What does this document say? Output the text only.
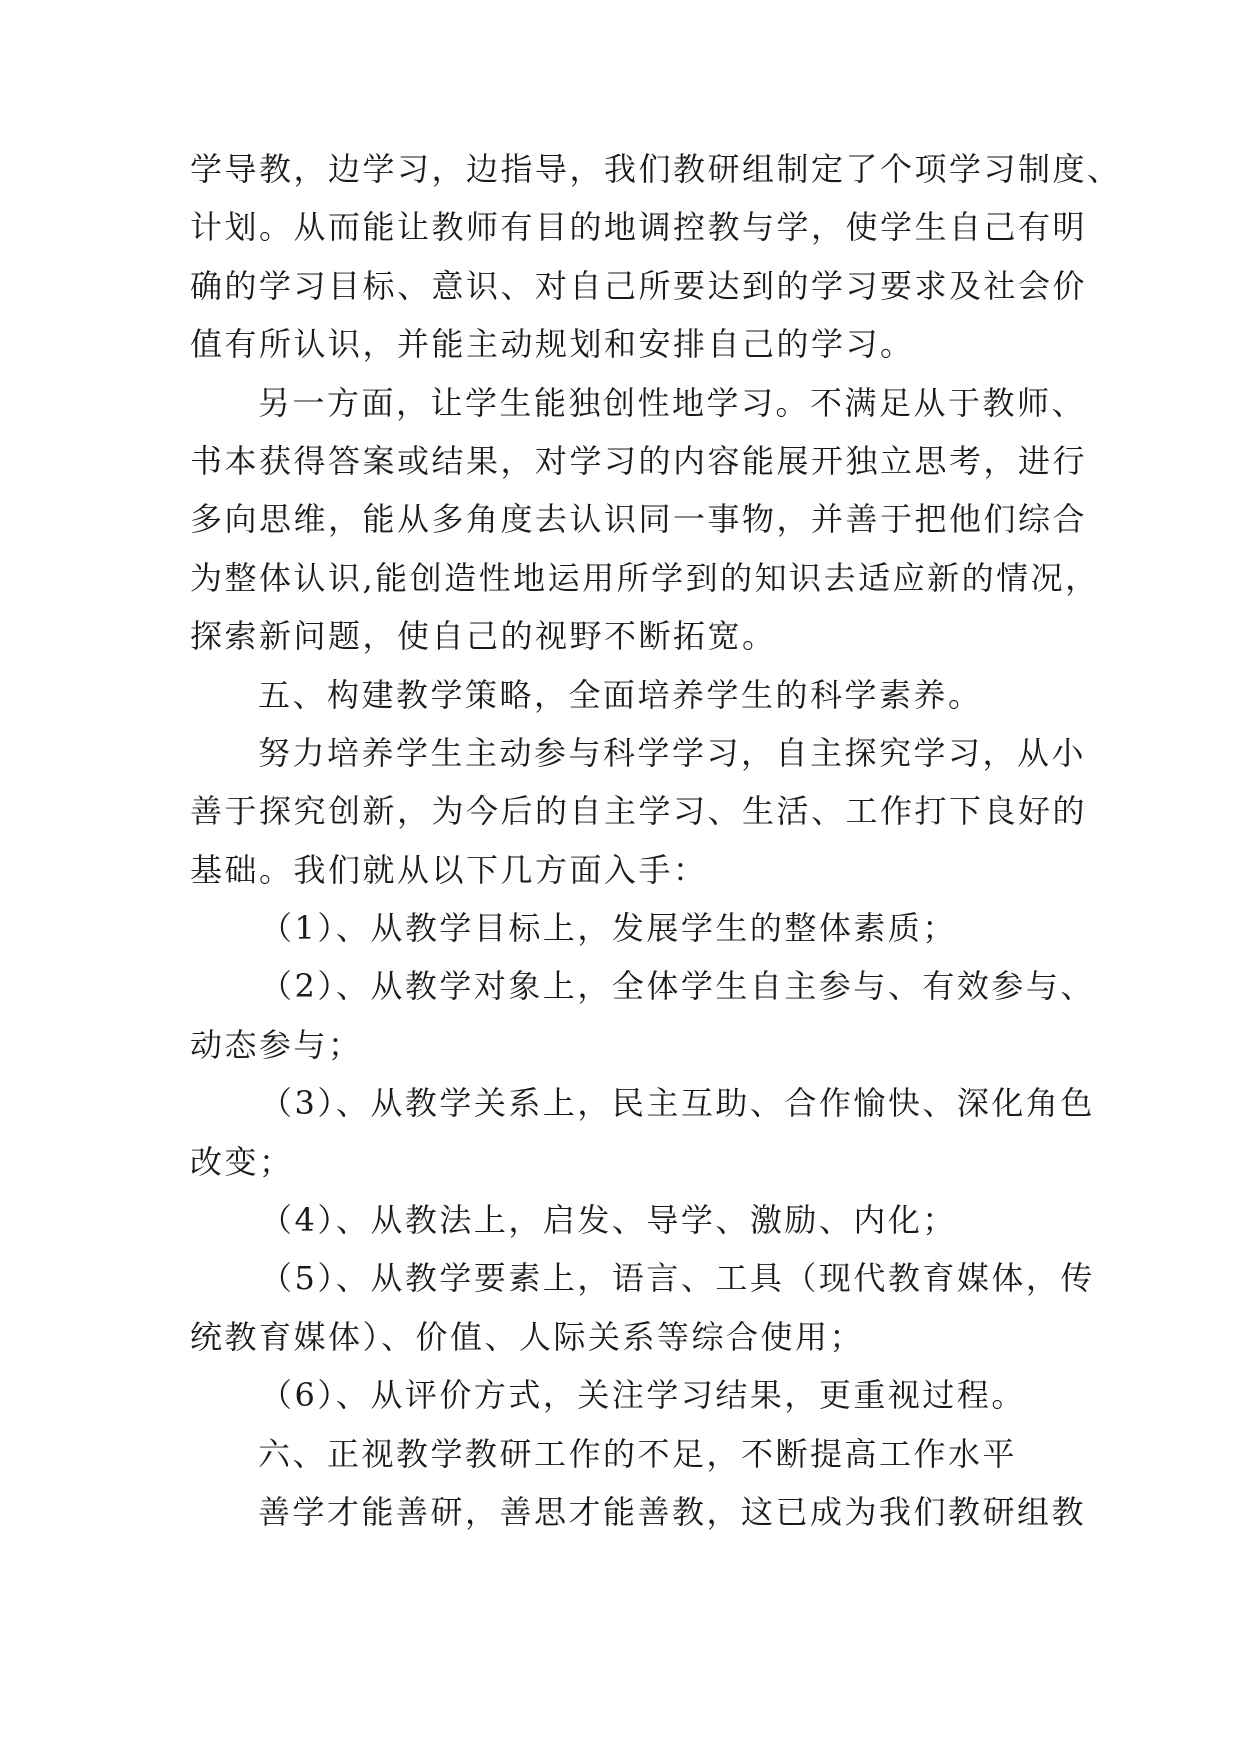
学导教，边学习，边指导，我们教研组制定了个项学习制度、
计划。从而能让教师有目的地调控教与学，使学生自己有明
确的学习目标、意识、对自己所要达到的学习要求及社会价
值有所认识，并能主动规划和安排自己的学习。
另一方面，让学生能独创性地学习。不满足从于教师、
书本获得答案或结果，对学习的内容能展开独立思考，进行
多向思维，能从多角度去认识同一事物，并善于把他们综合
为整体认识,能创造性地运用所学到的知识去适应新的情况，
探索新问题，使自己的视野不断拓宽。
五、构建教学策略，全面培养学生的科学素养。
努力培养学生主动参与科学学习，自主探究学习，从小
善于探究创新，为今后的自主学习、生活、工作打下良好的
基础。我们就从以下几方面入手：
（1）、从教学目标上，发展学生的整体素质；
（2）、从教学对象上，全体学生自主参与、有效参与、
动态参与；
（3）、从教学关系上，民主互助、合作愉快、深化角色
改变；
（4）、从教法上，启发、导学、激励、内化；
（5）、从教学要素上，语言、工具（现代教育媒体，传
统教育媒体）、价值、人际关系等综合使用；
（6）、从评价方式，关注学习结果，更重视过程。
六、正视教学教研工作的不足，不断提高工作水平
善学才能善研，善思才能善教，这已成为我们教研组教
